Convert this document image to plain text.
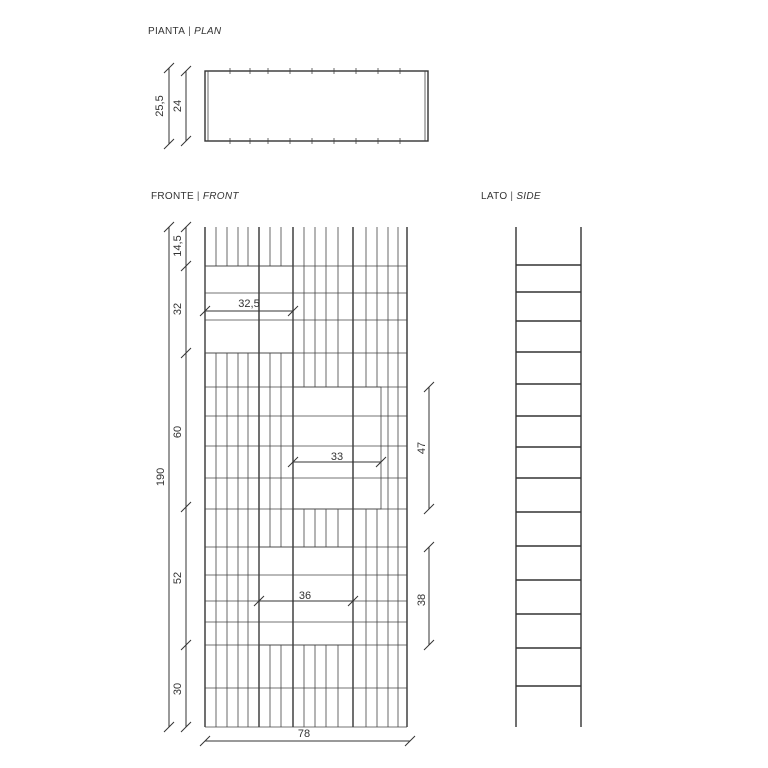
PIANTA | PLAN
FRONTE | FRONT	LATO | SIDE
25,5 24
32,5
33
36
14,5
32
60
52
30
190
47
38
78
